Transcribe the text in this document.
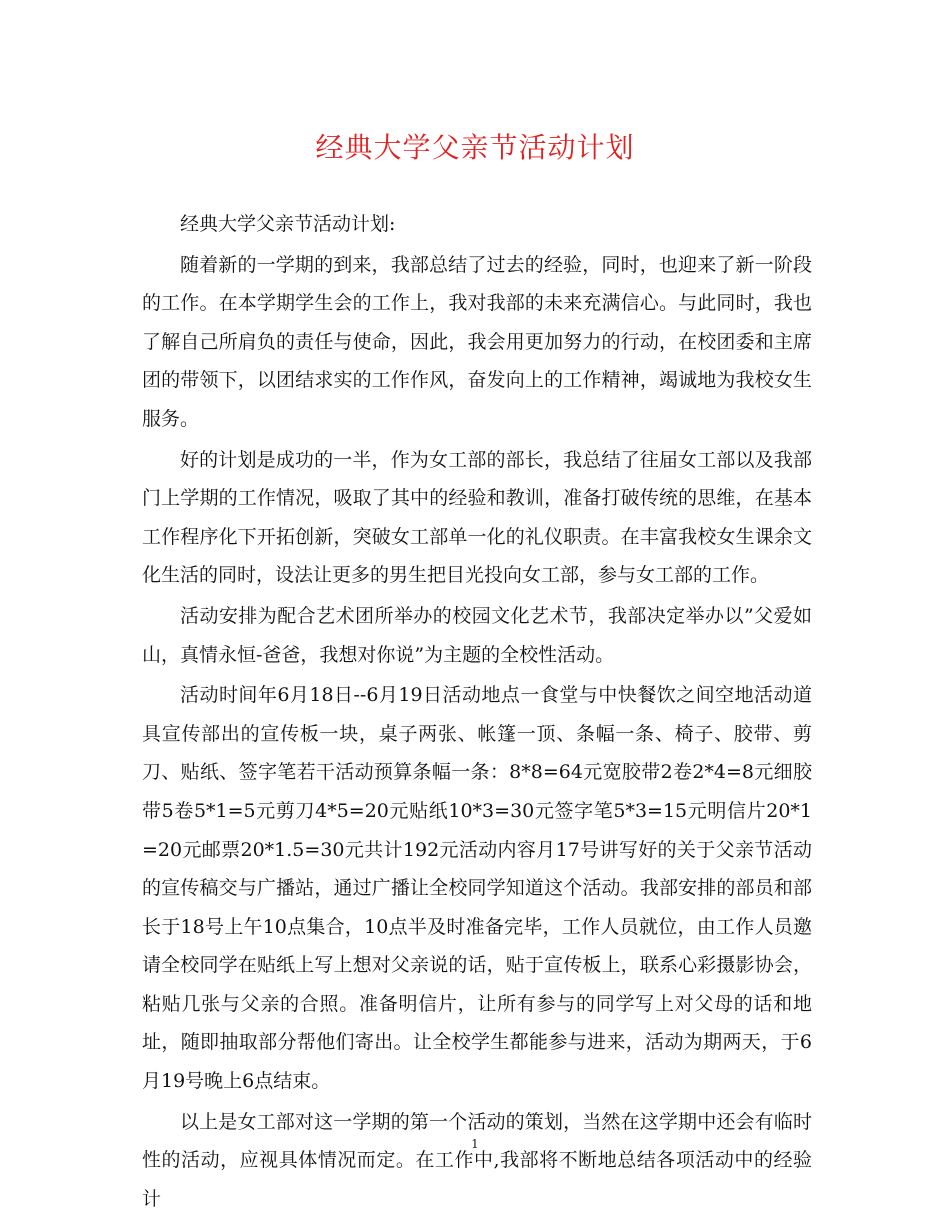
经典大学父亲节活动计划

经典大学父亲节活动计划:

随着新的一学期的到来，我部总结了过去的经验，同时，也迎来了新一阶段的工作。在本学期学生会的工作上，我对我部的未来充满信心。与此同时，我也了解自己所肩负的责任与使命，因此，我会用更加努力的行动，在校团委和主席团的带领下，以团结求实的工作作风，奋发向上的工作精神，竭诚地为我校女生服务。

好的计划是成功的一半，作为女工部的部长，我总结了往届女工部以及我部门上学期的工作情况，吸取了其中的经验和教训，准备打破传统的思维，在基本工作程序化下开拓创新，突破女工部单一化的礼仪职责。在丰富我校女生课余文化生活的同时，设法让更多的男生把目光投向女工部，参与女工部的工作。

活动安排为配合艺术团所举办的校园文化艺术节，我部决定举办以”父爱如山，真情永恒-爸爸，我想对你说”为主题的全校性活动。

活动时间年6月18日--6月19日活动地点一食堂与中快餐饮之间空地活动道具宣传部出的宣传板一块，桌子两张、帐篷一顶、条幅一条、椅子、胶带、剪刀、贴纸、签字笔若干活动预算条幅一条：8*8=64元宽胶带2卷2*4=8元细胶带5卷5*1=5元剪刀4*5=20元贴纸10*3=30元签字笔5*3=15元明信片20*1=20元邮票20*1.5=30元共计192元活动内容月17号讲写好的关于父亲节活动的宣传稿交与广播站，通过广播让全校同学知道这个活动。我部安排的部员和部长于18号上午10点集合，10点半及时准备完毕，工作人员就位，由工作人员邀请全校同学在贴纸上写上想对父亲说的话，贴于宣传板上，联系心彩摄影协会，粘贴几张与父亲的合照。准备明信片，让所有参与的同学写上对父母的话和地址，随即抽取部分帮他们寄出。让全校学生都能参与进来，活动为期两天，于6月19号晚上6点结束。

以上是女工部对这一学期的第一个活动的策划，当然在这学期中还会有临时性的活动，应视具体情况而定。在工作中,我部将不断地总结各项活动中的经验计

1
